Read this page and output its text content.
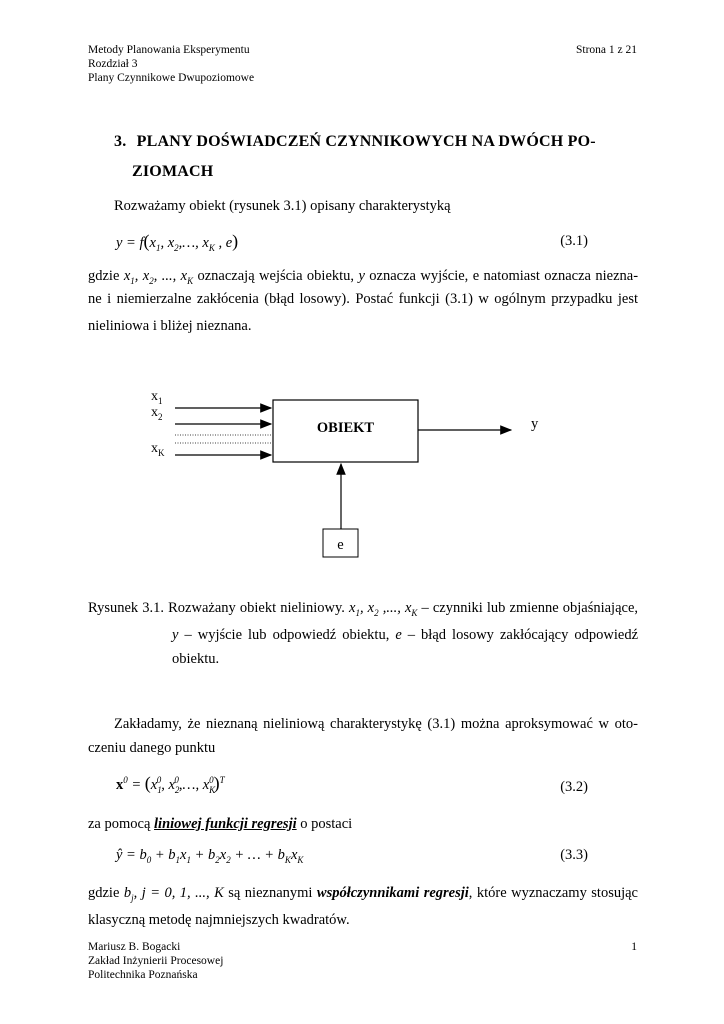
Metody Planowania Eksperymentu
Rozdział 3
Plany Czynnikowe Dwupoziomowe
Strona 1 z 21
3. PLANY DOŚWIADCZEŃ CZYNNIKOWYCH NA DWÓCH PO-
ZIOMACH
Rozważamy obiekt (rysunek 3.1) opisany charakterystyką
$y = f(x_1$, $x_2,\dots$, $x_K$ , e)	(3.1)
gdzie $x_1$, $x_2$, ..., $x_K$ oznaczają wejścia obiektu, y oznacza wyjście, e natomiast oznacza niezna-
ne i niemierzalne zakłócenia (błąd losowy). Postać funkcji (3.1) w ogólnym przypadku jest
nieliniowa i bliżej nieznana.
$x_1$
$x_2$
$x_K$
OBIEKT	y
e
Rysunek 3.1. Rozważany obiekt nieliniowy. $x_1$, $x_2$ ,..., $x_K$ – czynniki lub zmienne objaśniające,
y – wyjście lub odpowiedź obiektu, e – błąd losowy zakłócający odpowiedź
obiektu.
Zakładamy, że nieznaną nieliniową charakterystykę (3.1) można aproksymować w oto-
czeniu danego punktu
$x^0 = (x_1^0$, $x_2^0,\dots$, $x_K^0)^T$	(3.2)
za pomocą liniowej funkcji regresji o postaci
ŷ = $b_0 + b_1x_1 + b_2x_2$ + … + $b_Kx_K$	(3.3)
gdzie $b_j$, j = 0, 1, ..., K są nieznanymi współczynnikami regresji, które wyznaczamy stosując
klasyczną metodę najmniejszych kwadratów.
Mariusz B. Bogacki
Zakład Inżynierii Procesowej
Politechnika Poznańska
1
